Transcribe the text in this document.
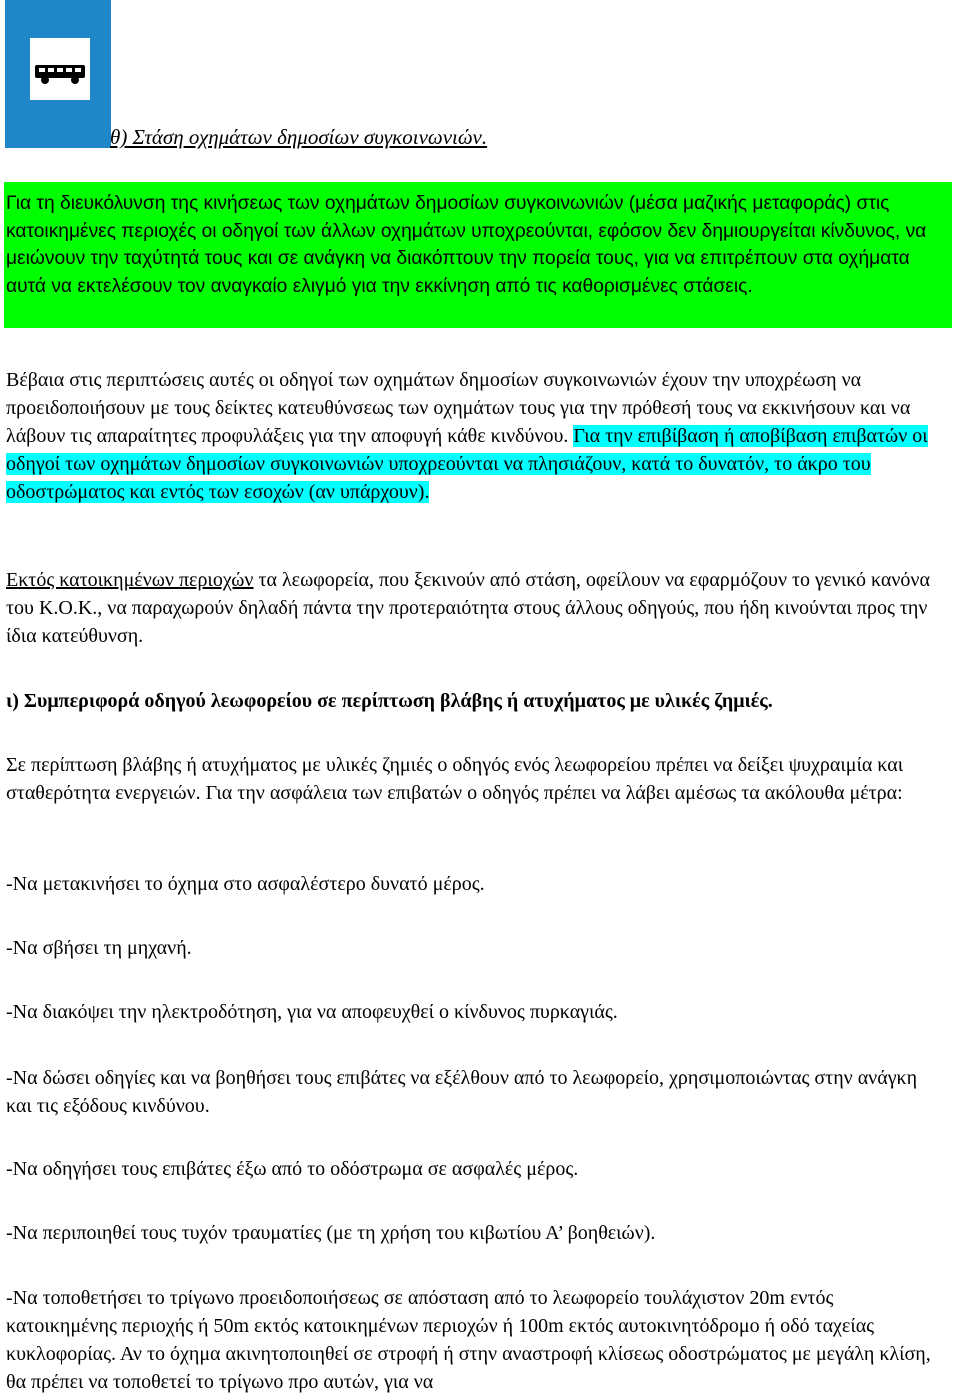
θ) Στάση οχημάτων δημοσίων συγκοινωνιών.

Για τη διευκόλυνση της κινήσεως των οχημάτων δημοσίων συγκοινωνιών (μέσα μαζικής μεταφοράς) στις κατοικημένες περιοχές οι οδηγοί των άλλων οχημάτων υποχρεούνται, εφόσον δεν δημιουργείται κίνδυνος, να μειώνουν την ταχύτητά τους και σε ανάγκη να διακόπτουν την πορεία τους, για να επιτρέπουν στα οχήματα αυτά να εκτελέσουν τον αναγκαίο ελιγμό για την εκκίνηση από τις καθορισμένες στάσεις.

Βέβαια στις περιπτώσεις αυτές οι οδηγοί των οχημάτων δημοσίων συγκοινωνιών έχουν την υποχρέωση να προειδοποιήσουν με τους δείκτες κατευθύνσεως των οχημάτων τους για την πρόθεσή τους να εκκινήσουν και να λάβουν τις απαραίτητες προφυλάξεις για την αποφυγή κάθε κινδύνου. Για την επιβίβαση ή αποβίβαση επιβατών οι οδηγοί των οχημάτων δημοσίων συγκοινωνιών υποχρεούνται να πλησιάζουν, κατά το δυνατόν, το άκρο του οδοστρώματος και εντός των εσοχών (αν υπάρχουν).

Εκτός κατοικημένων περιοχών τα λεωφορεία, που ξεκινούν από στάση, οφείλουν να εφαρμόζουν το γενικό κανόνα του Κ.Ο.Κ., να παραχωρούν δηλαδή πάντα την προτεραιότητα στους άλλους οδηγούς, που ήδη κινούνται προς την ίδια κατεύθυνση.

ι) Συμπεριφορά οδηγού λεωφορείου σε περίπτωση βλάβης ή ατυχήματος με υλικές ζημιές.

Σε περίπτωση βλάβης ή ατυχήματος με υλικές ζημιές ο οδηγός ενός λεωφορείου πρέπει να δείξει ψυχραιμία και σταθερότητα ενεργειών. Για την ασφάλεια των επιβατών ο οδηγός πρέπει να λάβει αμέσως τα ακόλουθα μέτρα:

-Να μετακινήσει το όχημα στο ασφαλέστερο δυνατό μέρος.

-Να σβήσει τη μηχανή.

-Να διακόψει την ηλεκτροδότηση, για να αποφευχθεί ο κίνδυνος πυρκαγιάς.

-Να δώσει οδηγίες και να βοηθήσει τους επιβάτες να εξέλθουν από το λεωφορείο, χρησιμοποιώντας στην ανάγκη και τις εξόδους κινδύνου.

-Να οδηγήσει τους επιβάτες έξω από το οδόστρωμα σε ασφαλές μέρος.

-Να περιποιηθεί τους τυχόν τραυματίες (με τη χρήση του κιβωτίου Α’ βοηθειών).

-Να τοποθετήσει το τρίγωνο προειδοποιήσεως σε απόσταση από το λεωφορείο τουλάχιστον 20m εντός κατοικημένης περιοχής ή 50m εκτός κατοικημένων περιοχών ή 100m εκτός αυτοκινητόδρομο ή οδό ταχείας κυκλοφορίας. Αν το όχημα ακινητοποιηθεί σε στροφή ή στην αναστροφή κλίσεως οδοστρώματος με μεγάλη κλίση, θα πρέπει να τοποθετεί το τρίγωνο προ αυτών, για να
